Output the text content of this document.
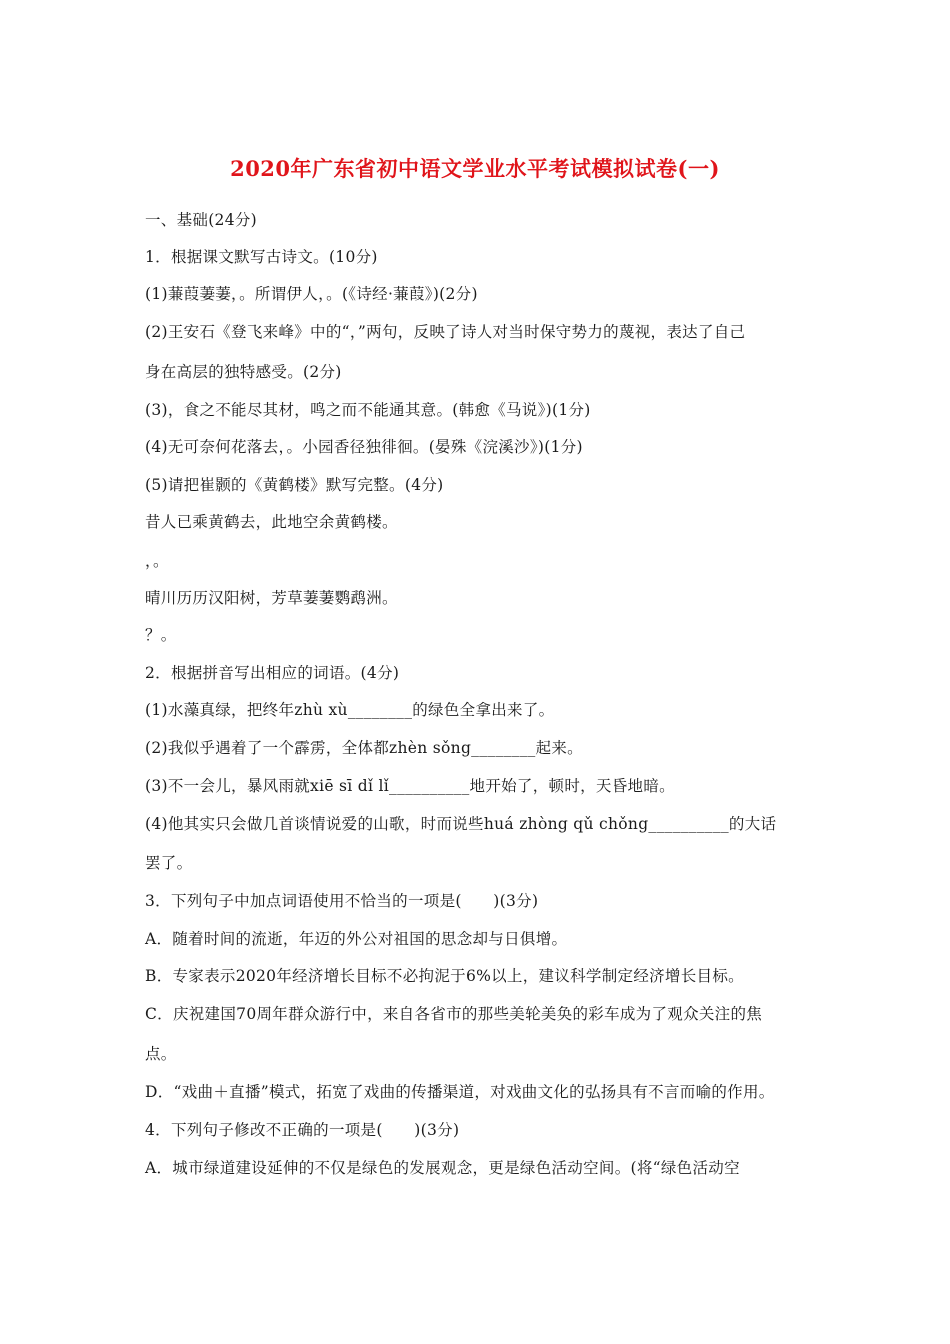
2020年广东省初中语文学业水平考试模拟试卷(一)
一、基础(24分)
1．根据课文默写古诗文。(10分)
(1)蒹葭萋萋，。所谓伊人，。(《诗经·蒹葭》)(2分)
(2)王安石《登飞来峰》中的“，”两句，反映了诗人对当时保守势力的蔑视，表达了自己
身在高层的独特感受。(2分)
(3)，食之不能尽其材，鸣之而不能通其意。(韩愈《马说》)(1分)
(4)无可奈何花落去，。小园香径独徘徊。(晏殊《浣溪沙》)(1分)
(5)请把崔颢的《黄鹤楼》默写完整。(4分)
昔人已乘黄鹤去，此地空余黄鹤楼。
，。
晴川历历汉阳树，芳草萋萋鹦鹉洲。
？。
2．根据拼音写出相应的词语。(4分)
(1)水藻真绿，把终年zhù xù________的绿色全拿出来了。
(2)我似乎遇着了一个霹雳，全体都zhèn sǒng________起来。
(3)不一会儿，暴风雨就xiē sī dǐ lǐ__________地开始了，顿时，天昏地暗。
(4)他其实只会做几首谈情说爱的山歌，时而说些huá zhòng qǔ chǒng__________的大话
罢了。
3．下列句子中加点词语使用不恰当的一项是(　　)(3分)
A．随着时间的流逝，年迈的外公对祖国的思念却与日俱增。
B．专家表示2020年经济增长目标不必拘泥于6%以上，建议科学制定经济增长目标。
C．庆祝建国70周年群众游行中，来自各省市的那些美轮美奂的彩车成为了观众关注的焦
点。
D．“戏曲＋直播”模式，拓宽了戏曲的传播渠道，对戏曲文化的弘扬具有不言而喻的作用。
4．下列句子修改不正确的一项是(　　)(3分)
A．城市绿道建设延伸的不仅是绿色的发展观念，更是绿色活动空间。(将“绿色活动空
